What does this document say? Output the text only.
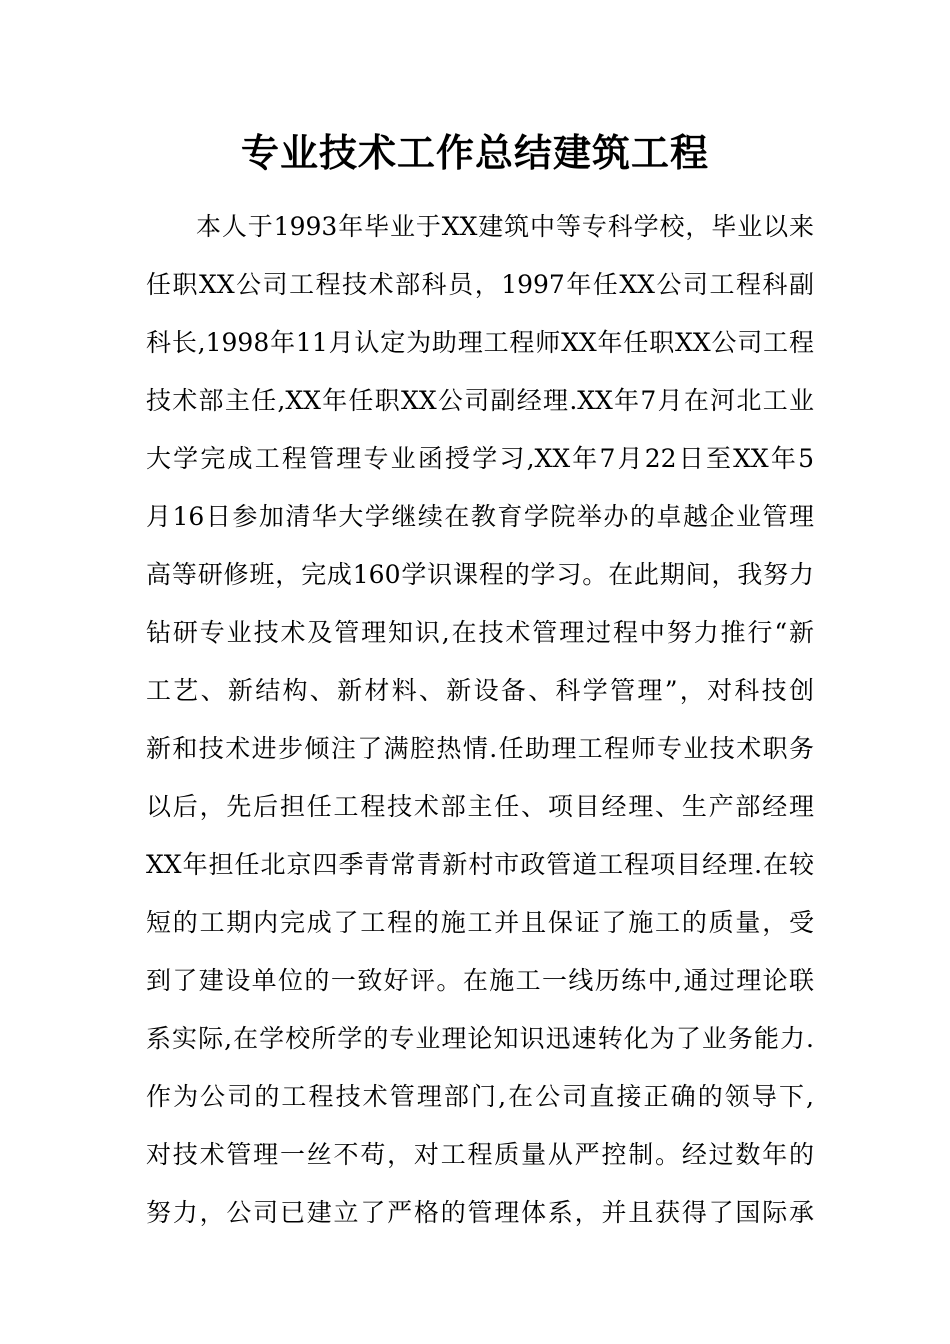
专业技术工作总结建筑工程
本人于1993年毕业于XX建筑中等专科学校，毕业以来
任职XX公司工程技术部科员，1997年任XX公司工程科副
科长,1998年11月认定为助理工程师XX年任职XX公司工程
技术部主任,XX年任职XX公司副经理.XX年7月在河北工业
大学完成工程管理专业函授学习,XX年7月22日至XX年5
月16日参加清华大学继续在教育学院举办的卓越企业管理
高等研修班，完成160学识课程的学习。在此期间，我努力
钻研专业技术及管理知识,在技术管理过程中努力推行“新
工艺、新结构、新材料、新设备、科学管理”，对科技创
新和技术进步倾注了满腔热情.任助理工程师专业技术职务
以后，先后担任工程技术部主任、项目经理、生产部经理
XX年担任北京四季青常青新村市政管道工程项目经理.在较
短的工期内完成了工程的施工并且保证了施工的质量，受
到了建设单位的一致好评。在施工一线历练中,通过理论联
系实际,在学校所学的专业理论知识迅速转化为了业务能力.
作为公司的工程技术管理部门,在公司直接正确的领导下,
对技术管理一丝不苟，对工程质量从严控制。经过数年的
努力，公司已建立了严格的管理体系，并且获得了国际承
